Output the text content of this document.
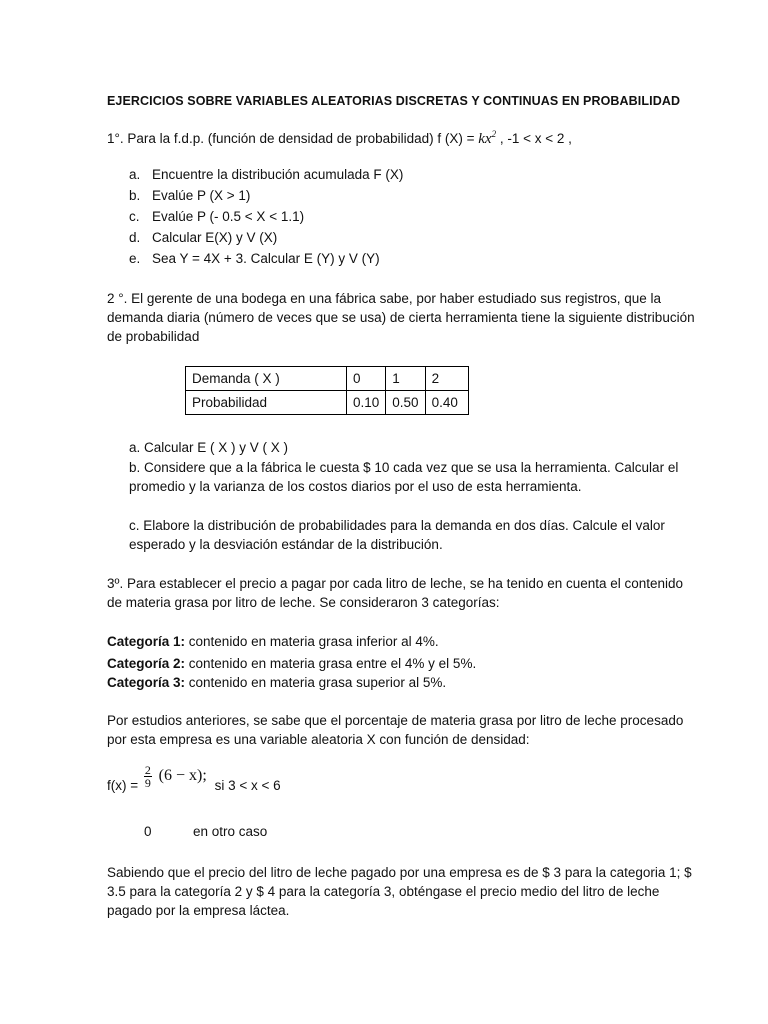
EJERCICIOS SOBRE VARIABLES ALEATORIAS DISCRETAS Y CONTINUAS EN PROBABILIDAD
1°. Para la f.d.p. (función de densidad de probabilidad) f $(X) = kx^2$ , -1 < x < 2 ,
a. Encuentre la distribución acumulada F (X)
b. Evalúe P (X > 1)
c. Evalúe P (- 0.5 < X < 1.1)
d. Calcular E(X) y V (X)
e. Sea Y = 4X + 3. Calcular E (Y) y V (Y)

2 °. El gerente de una bodega en una fábrica sabe, por haber estudiado sus registros, que la demanda diaria (número de veces que se usa) de cierta herramienta tiene la siguiente distribución de probabilidad

Demanda ( X )	0	1	2
Probabilidad	0.10	0.50	0.40
a. Calcular E ( X ) y V ( X )
b. Considere que a la fábrica le cuesta $ 10 cada vez que se usa la herramienta. Calcular el promedio y la varianza de los costos diarios por el uso de esta herramienta.
c. Elabore la distribución de probabilidades para la demanda en dos días. Calcule el valor esperado y la desviación estándar de la distribución.

3º. Para establecer el precio a pagar por cada litro de leche, se ha tenido en cuenta el contenido de materia grasa por litro de leche. Se consideraron 3 categorías:

Categoría 1: contenido en materia grasa inferior al 4%.
Categoría 2: contenido en materia grasa entre el 4% y el 5%.
Categoría 3: contenido en materia grasa superior al 5%.

Por estudios anteriores, se sabe que el porcentaje de materia grasa por litro de leche procesado por esta empresa es una variable aleatoria X con función de densidad:

$f(x) = \frac{2}{9} (6 - x)$; si 3 < x < 6
0	en otro caso

Sabiendo que el precio del litro de leche pagado por una empresa es de $ 3 para la categoria 1; $ 3.5 para la categoría 2 y $ 4 para la categoría 3, obténgase el precio medio del litro de leche pagado por la empresa láctea.
